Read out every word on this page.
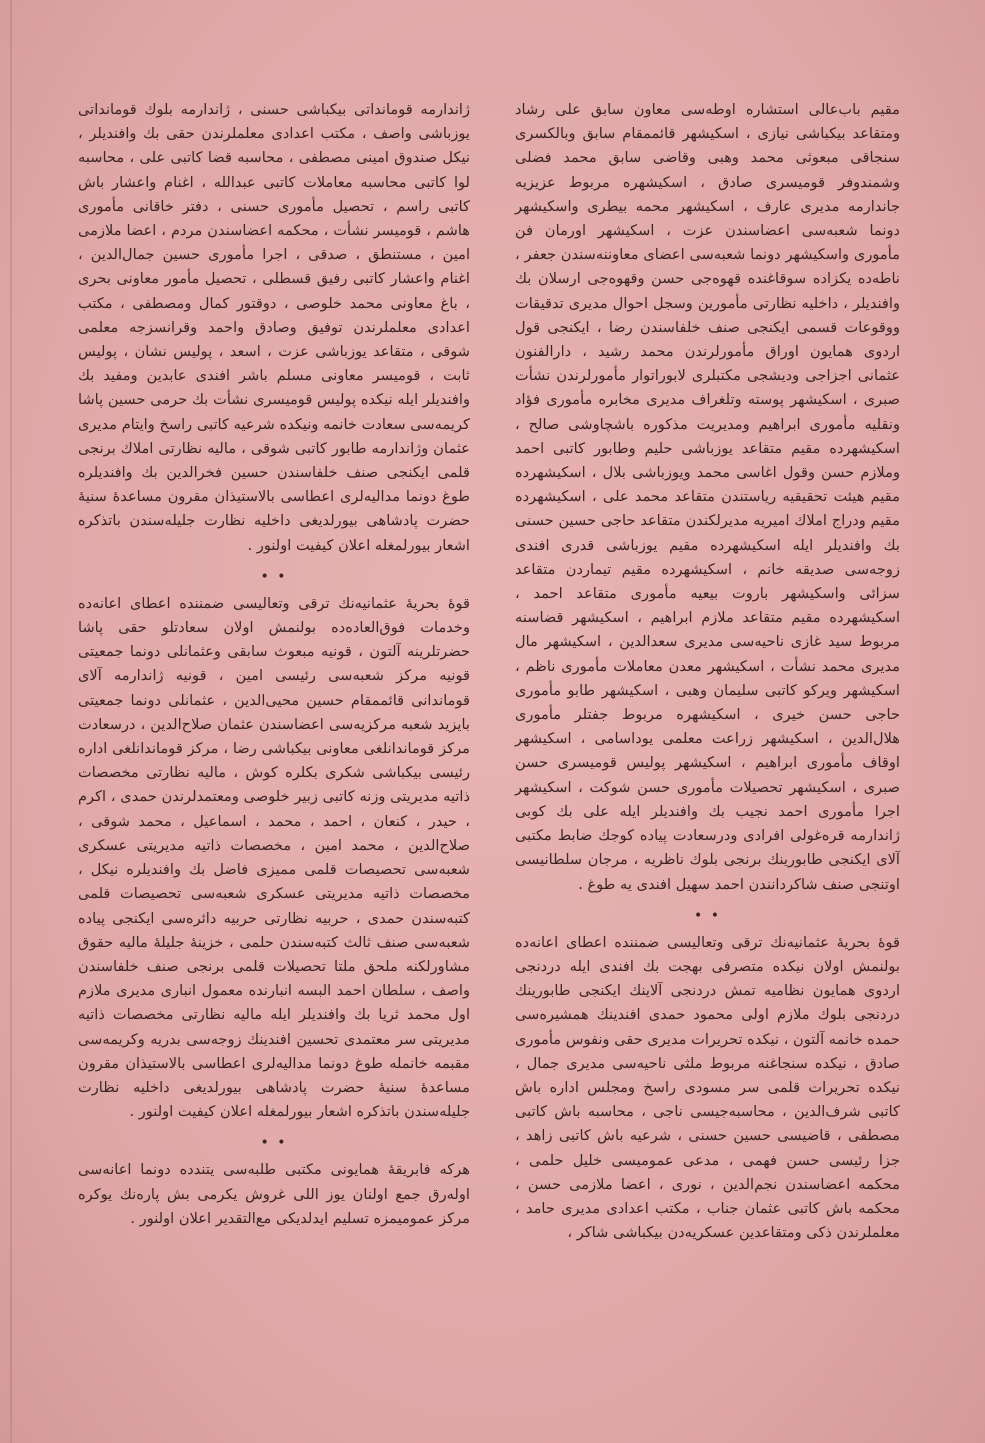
مقیم باب‌عالی استشاره اوطه‌سی معاون سابق علی رشاد ومتقاعد بیکباشی نیازی ، اسکیشهر قائممقام سابق وبالکسری سنجاقی مبعوثی محمد وهبی وقاضی سابق محمد فضلی وشمندوفر قومیسری صادق ، اسکیشهره مربوط عزیزیه جاندارمه مدیری عارف ، اسکیشهر محمه بیطری واسکیشهر دونما شعبه‌سی اعضاسندن عزت ، اسکیشهر اورمان فن مأموری واسکیشهر دونما شعبه‌سی اعضای معاوننه‌سندن جعفر ، ناطه‌ده یکزاده سوقاغنده قهوه‌جی حسن وقهوه‌جی ارسلان بك وافندیلر ، داخلیه نظارتی مأمورین وسجل احوال مدیری تدقیقات ووقوعات قسمی ایکنجی صنف خلفاسندن رضا ، ایکنجی قول اردوی همایون اوراق مأمورلرندن محمد رشید ، دارالفنون عثمانی اجزاجی ودیشجی مکتبلری لابوراتوار مأمورلرندن نشأت صبری ، اسکیشهر پوسته وتلغراف مدیری مخابره مأموری فؤاد ونقلیه مأموری ابراهیم ومدیریت مذکوره باشچاوشی صالح ، اسکیشهرده مقیم متقاعد یوزباشی حلیم وطابور کاتبی احمد وملازم حسن وقول اغاسی محمد ویوزباشی بلال ، اسکیشهرده مقیم هیئت تحقیقیه ریاستندن متقاعد محمد علی ، اسکیشهرده مقیم ودراج املاك امیریه مدیرلکندن متقاعد حاجی حسین حسنی بك وافندیلر ایله اسکیشهرده مقیم یوزباشی قدری افندی زوجه‌سی صدیقه خانم ، اسکیشهرده مقیم تیماردن متقاعد سزائی واسکیشهر باروت بیعیه مأموری متقاعد احمد ، اسکیشهرده مقیم متقاعد ملازم ابراهیم ، اسکیشهر قضاسنه مربوط سید غازی ناحیه‌سی مدیری سعدالدین ، اسکیشهر مال مدیری محمد نشأت ، اسکیشهر معدن معاملات مأموری ناظم ، اسکیشهر ویرکو کاتبی سلیمان وهبی ، اسکیشهر طابو مأموری حاجی حسن خیری ، اسکیشهره مربوط جفتلر مأموری هلال‌الدین ، اسکیشهر زراعت معلمی یوداسامی ، اسکیشهر اوقاف مأموری ابراهیم ، اسکیشهر پولیس قومیسری حسن صبری ، اسکیشهر تحصیلات مأموری حسن شوکت ، اسکیشهر اجرا مأموری احمد نجیب بك وافندیلر ایله علی بك کوبی ژاندارمه قره‌غولی افرادی ودرسعادت پیاده کوجك ضابط مکتبی آلای ایکنجی طابورینك برنجی بلوك ناظریه ، مرجان سلطانیسی اوتنجی صنف شاکردانندن احمد سهیل افندی یه طوغ .

• •

قوهٔ بحریهٔ عثمانیه‌نك ترقی وتعالیسی ضمننده اعطای اعانه‌ده بولنمش اولان نیکده متصرفی بهجت بك افندی ایله دردنجی اردوی همایون نظامیه تمش دردنجی آلاینك ایکنجی طابورینك دردنجی بلوك ملازم اولی محمود حمدی افندینك همشیره‌سی حمده خانمه آلتون ، نیکده تحریرات مدیری حقی ونفوس مأموری صادق ، نیکده سنجاغنه مربوط ملثی ناحیه‌سی مدیری جمال ، نیکده تحریرات قلمی سر مسودی راسخ ومجلس اداره باش کاتبی شرف‌الدین ، محاسبه‌جیسی ناجی ، محاسبه باش کاتبی مصطفی ، قاضیسی حسین حسنی ، شرعیه باش کاتبی زاهد ، جزا رئیسی حسن فهمی ، مدعی عمومیسی خلیل حلمی ، محکمه اعضاسندن نجم‌الدین ، نوری ، اعضا ملازمی حسن ، محکمه باش کاتبی عثمان جناب ، مکتب اعدادی مدیری حامد ، معلملرندن ذکی ومتقاعدین عسکریه‌دن بیکباشی شاکر ،

ژاندارمه قومانداتی بیکباشی حسنی ، ژاندارمه بلوك قومانداتی یوزباشی واصف ، مکتب اعدادی معلملرندن حقی بك وافندیلر ، نیکل صندوق امینی مصطفی ، محاسبه قضا کاتبی علی ، محاسبه لوا کاتبی محاسبه معاملات کاتبی عبدالله ، اغنام واعشار باش کاتبی راسم ، تحصیل مأموری حسنی ، دفتر خاقانی مأموری هاشم ، قومیسر نشأت ، محکمه اعضاسندن مردم ، اعضا ملازمی امین ، مستنطق ، صدقی ، اجرا مأموری حسین جمال‌الدین ، اغنام واعشار کاتبی رفیق قسطلی ، تحصیل مأمور معاونی بحری ، باغ معاونی محمد خلوصی ، دوقتور کمال ومصطفی ، مکتب اعدادی معلملرندن توفیق وصادق واحمد وقرانسزجه معلمی شوقی ، متقاعد یوزباشی عزت ، اسعد ، پولیس نشان ، پولیس ثابت ، قومیسر معاونی مسلم باشر افندی عابدین ومفید بك وافندیلر ایله نیکده پولیس قومیسری نشأت بك حرمی حسین پاشا کریمه‌سی سعادت خانمه ونیکده شرعیه کاتبی راسخ وایتام مدیری عثمان وژاندارمه طابور کاتبی شوقی ، مالیه نظارتی املاك برنجی قلمی ایکنجی صنف خلفاسندن حسین فخرالدین بك وافندیلره طوغ دونما مدالیه‌لری اعطاسی بالاستیذان مقرون مساعدهٔ سنیهٔ حضرت پادشاهی بیورلدیغی داخلیه نظارت جلیله‌سندن باتذکره اشعار بیورلمغله اعلان کیفیت اولنور .

• •

قوهٔ بحریهٔ عثمانیه‌نك ترقی وتعالیسی ضمننده اعطای اعانه‌ده وخدمات فوق‌العاده‌ده بولنمش اولان سعادتلو حقی پاشا حضرتلرینه آلتون ، قونیه مبعوث سابقی وعثمانلی دونما جمعیتی قونیه مرکز شعبه‌سی رئیسی امین ، قونیه ژاندارمه آلای قوماندانی قائممقام حسین محیی‌الدین ، عثمانلی دونما جمعیتی بایزید شعبه مرکزیه‌سی اعضاسندن عثمان صلاح‌الدین ، درسعادت مرکز قوماندانلغی معاونی بیکباشی رضا ، مرکز قوماندانلغی اداره رئیسی بیکباشی شکری بکلره کوش ، مالیه نظارتی مخصصات ذاتیه مدیریتی وزنه کاتبی زبیر خلوصی ومعتمدلرندن حمدی ، اکرم ، حیدر ، کنعان ، احمد ، محمد ، اسماعیل ، محمد شوقی ، صلاح‌الدین ، محمد امین ، مخصصات ذاتیه مدیریتی عسکری شعبه‌سی تحصیصات قلمی مميزی فاضل بك وافندیلره نیکل ، مخصصات ذاتیه مدیریتی عسکری شعبه‌سی تحصیصات قلمی کتبه‌سندن حمدی ، حربیه نظارتی حربیه دائره‌سی ایکنجی پیاده شعبه‌سی صنف ثالث کتبه‌سندن حلمی ، خزینهٔ جلیلهٔ مالیه حقوق مشاورلکنه ملحق ملتا تحصیلات قلمی برنجی صنف خلفاسندن واصف ، سلطان احمد البسه انبارنده معمول انباری مدیری ملازم اول محمد ثریا بك وافندیلر ایله مالیه نظارتی مخصصات ذاتیه مدیریتی سر معتمدی تحسین افندینك زوجه‌سی بدریه وکریمه‌سی مقبمه خانمله طوغ دونما مدالیه‌لری اعطاسی بالاستیذان مقرون مساعدهٔ سنیهٔ حضرت پادشاهی بیورلدیغی داخلیه نظارت جلیله‌سندن باتذکره اشعار بیورلمغله اعلان کیفیت اولنور .

• •

هرکه فابریقهٔ همایونی مکتبی طلبه‌سی یتندده دونما اعانه‌سی اوله‌رق جمع اولنان یوز اللی غروش یکرمی بش پاره‌نك یوکره مرکز عمومیمزه تسلیم ایدلدیکی مع‌التقدیر اعلان اولنور .
